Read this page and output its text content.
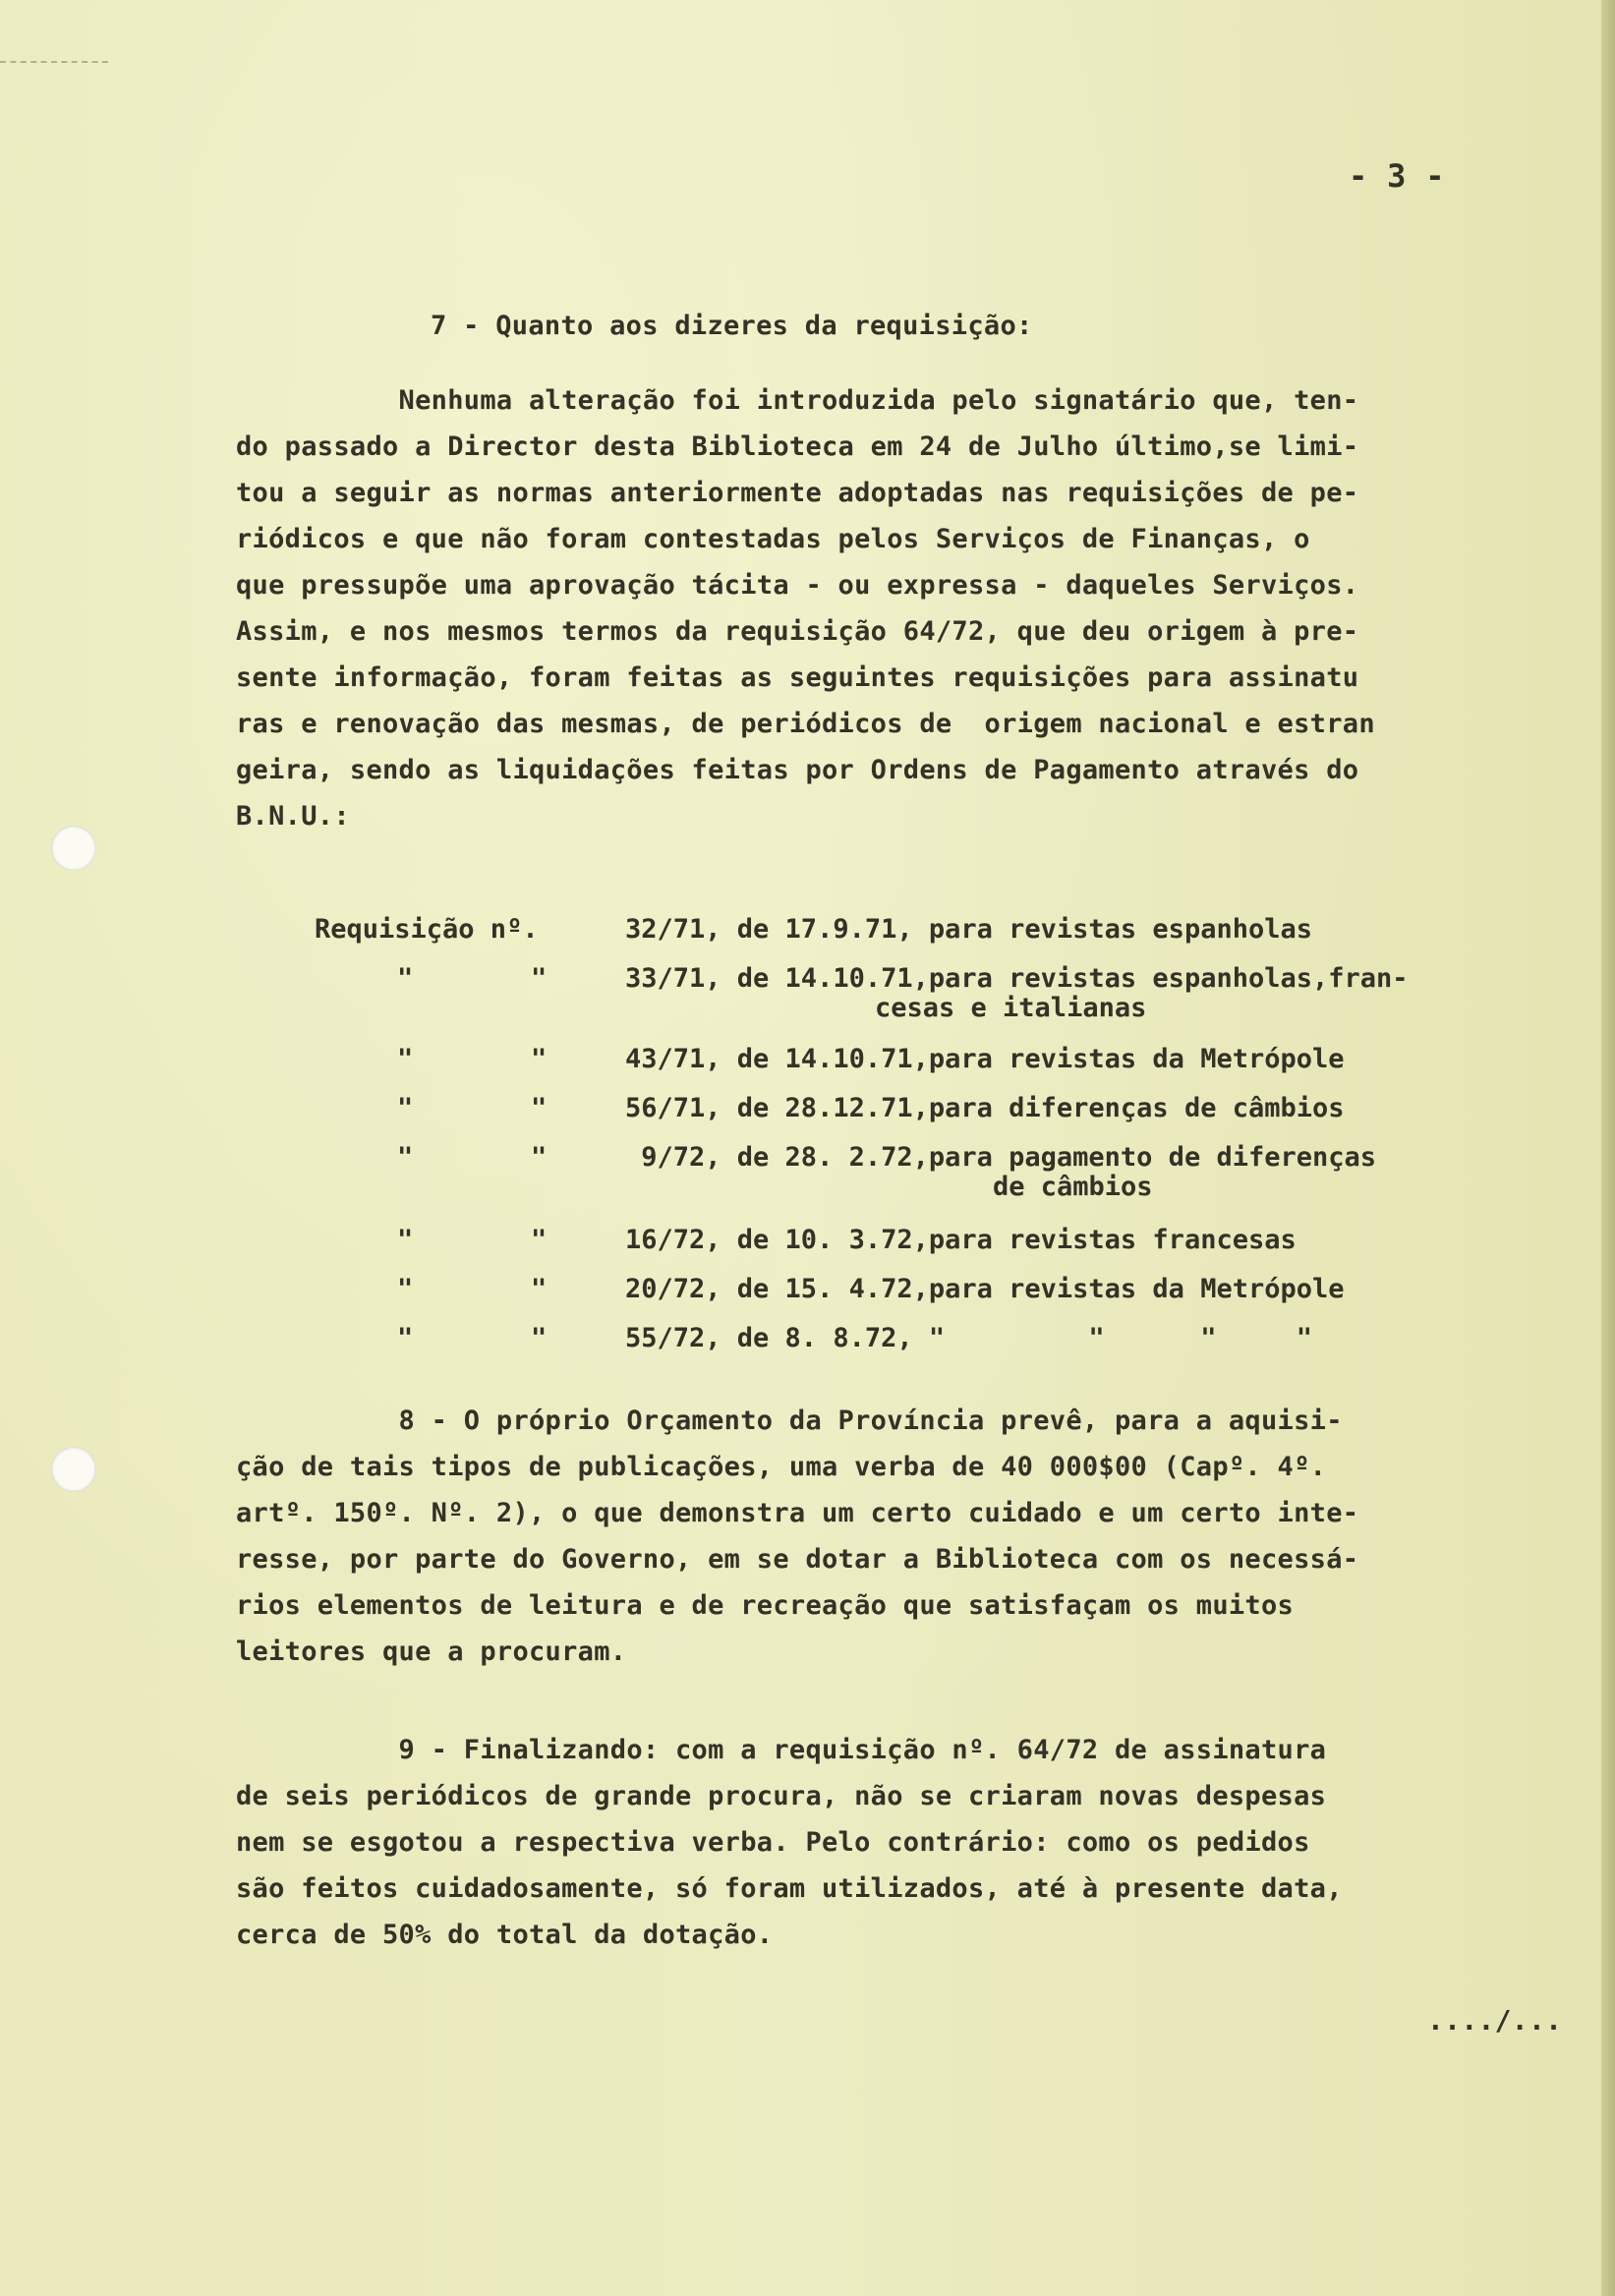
- 3 -
7 - Quanto aos dizeres da requisição:
Nenhuma alteração foi introduzida pelo signatário que, ten-
do passado a Director desta Biblioteca em 24 de Julho último,se limi-
tou a seguir as normas anteriormente adoptadas nas requisições de pe-
riódicos e que não foram contestadas pelos Serviços de Finanças, o
que pressupõe uma aprovação tácita - ou expressa - daqueles Serviços.
Assim, e nos mesmos termos da requisição 64/72, que deu origem à pre-
sente informação, foram feitas as seguintes requisições para assinatu
ras e renovação das mesmas, de periódicos de  origem nacional e estran
geira, sendo as liquidações feitas por Ordens de Pagamento através do
B.N.U.:
Requisição nº.	32/71, de 17.9.71, para revistas espanholas
"	"	33/71, de 14.10.71,para revistas espanholas,fran-
cesas e italianas
"	"	43/71, de 14.10.71,para revistas da Metrópole
"	"	56/71, de 28.12.71,para diferenças de câmbios
"	"	9/72, de 28. 2.72,para pagamento de diferenças
de câmbios
"	"	16/72, de 10. 3.72,para revistas francesas
"	"	20/72, de 15. 4.72,para revistas da Metrópole
"	"	55/72, de 8. 8.72, "         "      "     "
8 - O próprio Orçamento da Província prevê, para a aquisi-
ção de tais tipos de publicações, uma verba de 40 000$00 (Capº. 4º.
artº. 150º. Nº. 2), o que demonstra um certo cuidado e um certo inte-
resse, por parte do Governo, em se dotar a Biblioteca com os necessá-
rios elementos de leitura e de recreação que satisfaçam os muitos
leitores que a procuram.
9 - Finalizando: com a requisição nº. 64/72 de assinatura
de seis periódicos de grande procura, não se criaram novas despesas
nem se esgotou a respectiva verba. Pelo contrário: como os pedidos
são feitos cuidadosamente, só foram utilizados, até à presente data,
cerca de 50% do total da dotação.
..../...
